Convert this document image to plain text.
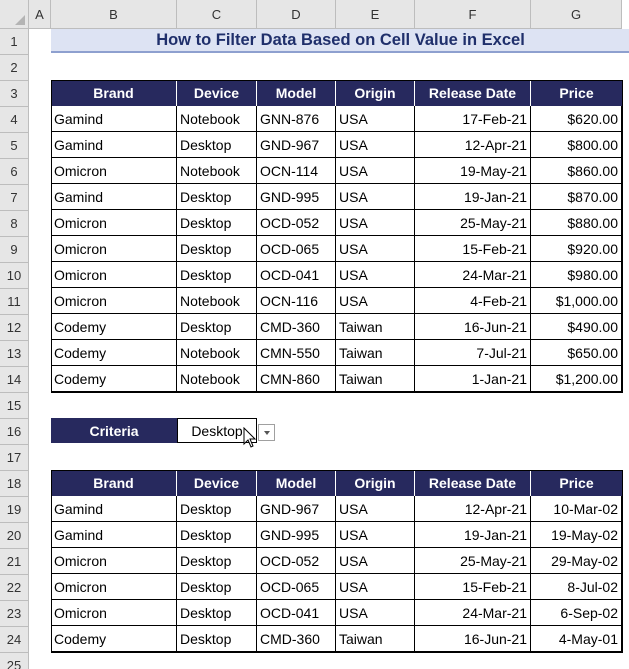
A	B	C	D	E	F	G
1
2
3
4
5
6
7
8
9
10
11
12
13
14
15
16
17
18
19
20
21
22
23
24
25
How to Filter Data Based on Cell Value in Excel
Brand	Device	Model	Origin	Release Date	Price
Gamind	Notebook	GNN-876	USA	17-Feb-21	$620.00
Gamind	Desktop	GND-967	USA	12-Apr-21	$800.00
Omicron	Notebook	OCN-114	USA	19-May-21	$860.00
Gamind	Desktop	GND-995	USA	19-Jan-21	$870.00
Omicron	Desktop	OCD-052	USA	25-May-21	$880.00
Omicron	Desktop	OCD-065	USA	15-Feb-21	$920.00
Omicron	Desktop	OCD-041	USA	24-Mar-21	$980.00
Omicron	Notebook	OCN-116	USA	4-Feb-21	$1,000.00
Codemy	Desktop	CMD-360	Taiwan	16-Jun-21	$490.00
Codemy	Notebook	CMN-550	Taiwan	7-Jul-21	$650.00
Codemy	Notebook	CMN-860	Taiwan	1-Jan-21	$1,200.00
Criteria	Desktop
Brand	Device	Model	Origin	Release Date	Price
Gamind	Desktop	GND-967	USA	12-Apr-21	10-Mar-02
Gamind	Desktop	GND-995	USA	19-Jan-21	19-May-02
Omicron	Desktop	OCD-052	USA	25-May-21	29-May-02
Omicron	Desktop	OCD-065	USA	15-Feb-21	8-Jul-02
Omicron	Desktop	OCD-041	USA	24-Mar-21	6-Sep-02
Codemy	Desktop	CMD-360	Taiwan	16-Jun-21	4-May-01
